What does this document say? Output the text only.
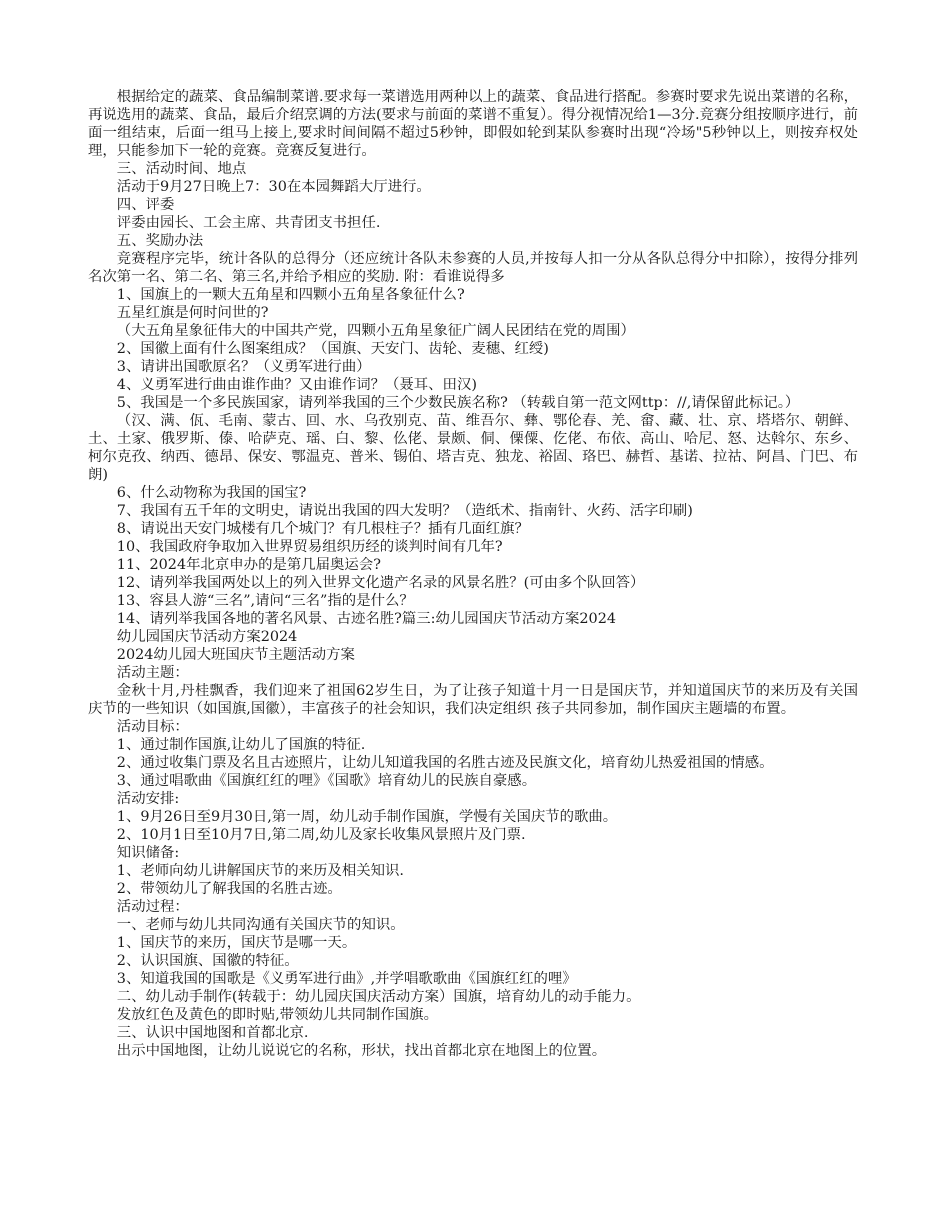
根据给定的蔬菜、食品编制菜谱.要求每一菜谱选用两种以上的蔬菜、食品进行搭配。参赛时要求先说出菜谱的名称，再说选用的蔬菜、食品，最后介绍烹调的方法(要求与前面的菜谱不重复）。得分视情况给1—3分.竞赛分组按顺序进行，前面一组结束，后面一组马上接上,要求时间间隔不超过5秒钟，即假如轮到某队参赛时出现“冷场"5秒钟以上，则按弃权处理，只能参加下一轮的竞赛。竞赛反复进行。

三、活动时间、地点

活动于9月27日晚上7：30在本园舞蹈大厅进行。

四、评委

评委由园长、工会主席、共青团支书担任.

五、奖励办法

竞赛程序完毕，统计各队的总得分（还应统计各队未参赛的人员,并按每人扣一分从各队总得分中扣除），按得分排列名次第一名、第二名、第三名,并给予相应的奖励. 附：看谁说得多

1、国旗上的一颗大五角星和四颗小五角星各象征什么?

五星红旗是何时问世的?

（大五角星象征伟大的中国共产党，四颗小五角星象征广阔人民团结在党的周围）

2、国徽上面有什么图案组成？（国旗、天安门、齿轮、麦穗、红绶)

3、请讲出国歌原名？（义勇军进行曲）

4、义勇军进行曲由谁作曲？又由谁作词？（聂耳、田汉)

5、我国是一个多民族国家，请列举我国的三个少数民族名称? （转载自第一范文网ttp：//,请保留此标记。）

（汉、满、佤、毛南、蒙古、回、水、乌孜别克、苗、维吾尔、彝、鄂伦春、羌、畲、藏、壮、京、塔塔尔、朝鲜、土、土家、俄罗斯、傣、哈萨克、瑶、白、黎、仫佬、景颇、侗、傈僳、仡佬、布依、高山、哈尼、怒、达斡尔、东乡、柯尔克孜、纳西、德昂、保安、鄂温克、普米、锡伯、塔吉克、独龙、裕固、珞巴、赫哲、基诺、拉祜、阿昌、门巴、布朗)

6、什么动物称为我国的国宝?

7、我国有五千年的文明史，请说出我国的四大发明？（造纸术、指南针、火药、活字印刷)

8、请说出天安门城楼有几个城门？有几根柱子？插有几面红旗？

10、我国政府争取加入世界贸易组织历经的谈判时间有几年?

11、2024年北京申办的是第几届奥运会?

12、请列举我国两处以上的列入世界文化遗产名录的风景名胜？(可由多个队回答）

13、容县人游“三名”,请问“三名”指的是什么？

14、请列举我国各地的著名风景、古迹名胜?篇三:幼儿园国庆节活动方案2024

幼儿园国庆节活动方案2024

2024幼儿园大班国庆节主题活动方案

活动主题：

金秋十月,丹桂飘香，我们迎来了祖国62岁生日，为了让孩子知道十月一日是国庆节，并知道国庆节的来历及有关国庆节的一些知识（如国旗,国徽），丰富孩子的社会知识，我们决定组织 孩子共同参加，制作国庆主题墙的布置。

活动目标：

1、通过制作国旗,让幼儿了国旗的特征.

2、通过收集门票及名且古迹照片，让幼儿知道我国的名胜古迹及民旗文化，培育幼儿热爱祖国的情感。

3、通过唱歌曲《国旗红红的哩》《国歌》培育幼儿的民族自豪感。

活动安排:

1、9月26日至9月30日,第一周，幼儿动手制作国旗，学慢有关国庆节的歌曲。

2、10月1日至10月7日,第二周,幼儿及家长收集风景照片及门票.

知识储备:

1、老师向幼儿讲解国庆节的来历及相关知识.

2、带领幼儿了解我国的名胜古迹。

活动过程：

一、老师与幼儿共同沟通有关国庆节的知识。

1、国庆节的来历，国庆节是哪一天。

2、认识国旗、国徽的特征。

3、知道我国的国歌是《义勇军进行曲》,并学唱歌歌曲《国旗红红的哩》

二、幼儿动手制作(转载于：幼儿园庆国庆活动方案）国旗，培育幼儿的动手能力。

发放红色及黄色的即时贴,带领幼儿共同制作国旗。

三、认识中国地图和首都北京.

出示中国地图，让幼儿说说它的名称，形状，找出首都北京在地图上的位置。
